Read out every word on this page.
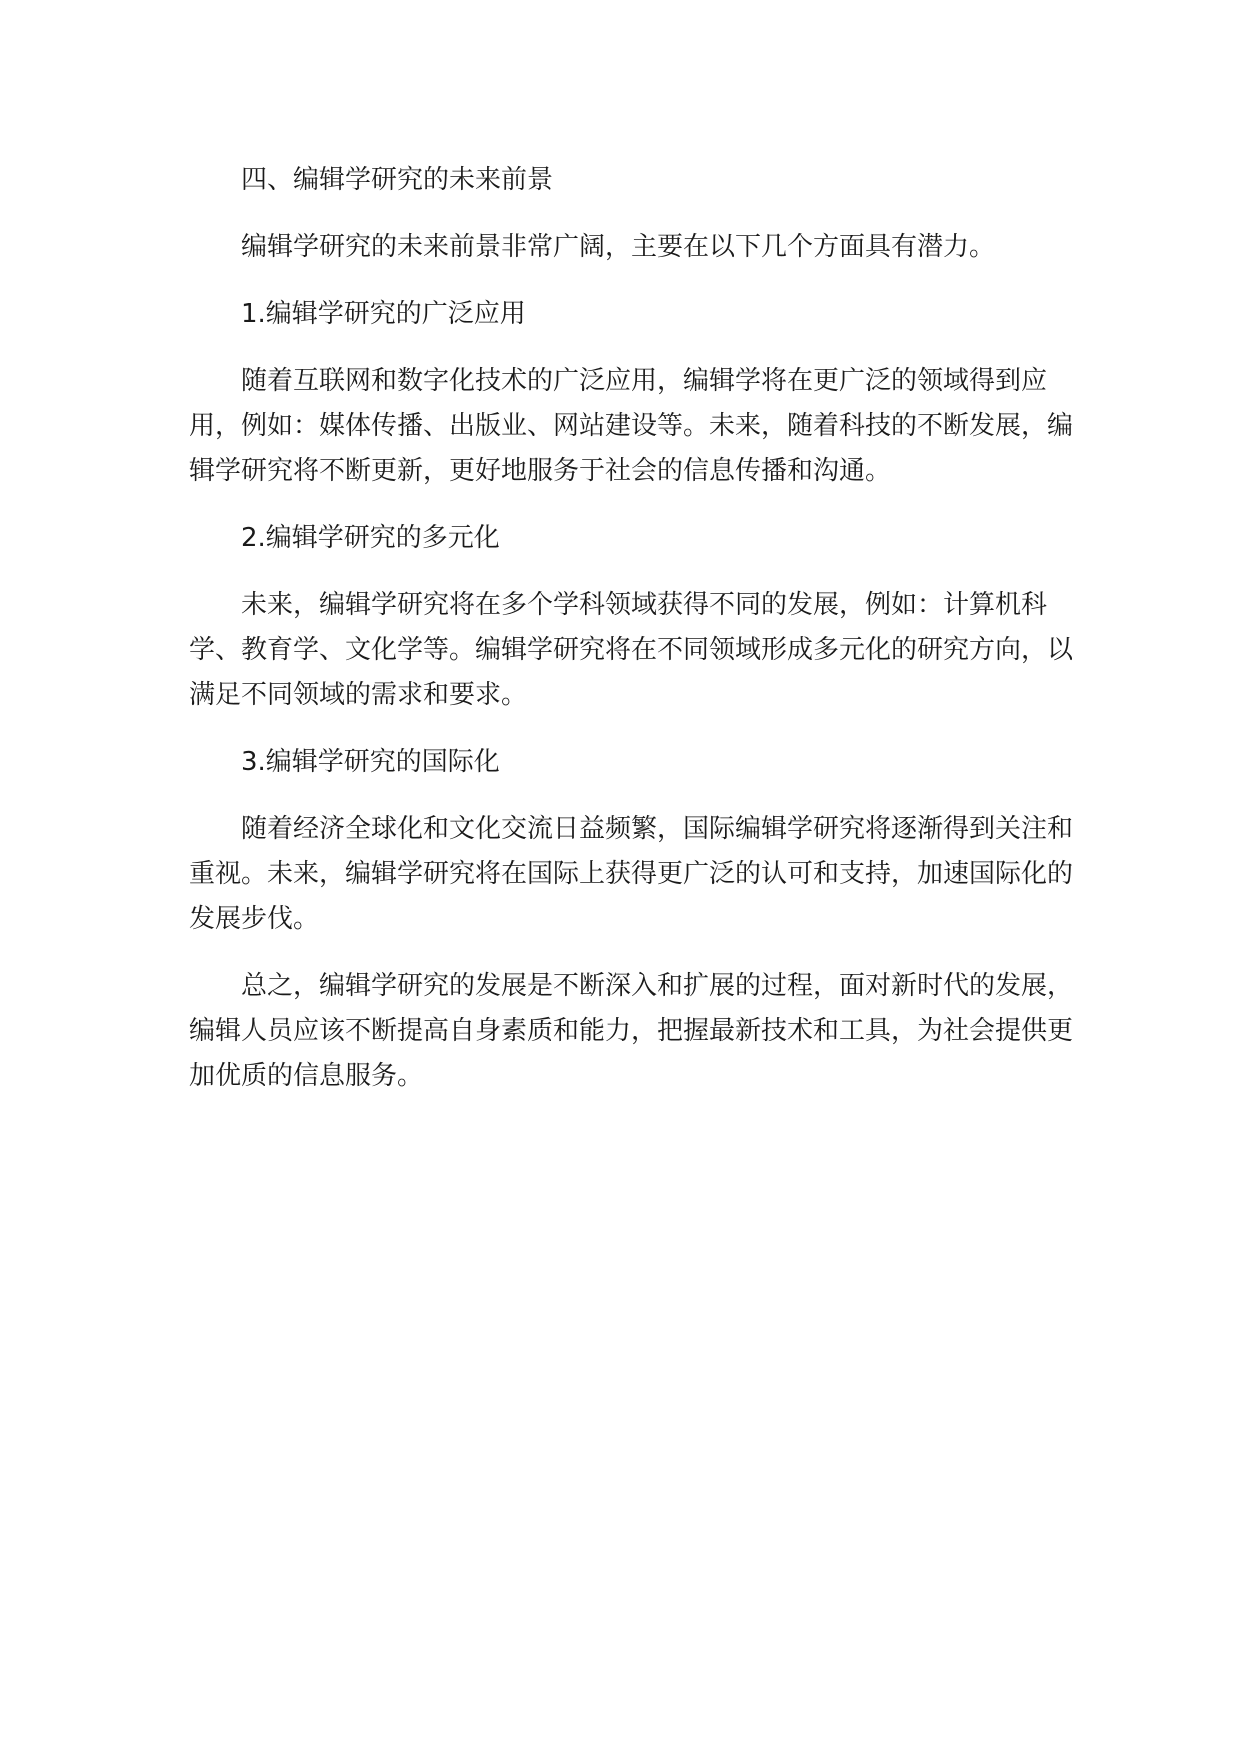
四、编辑学研究的未来前景

编辑学研究的未来前景非常广阔，主要在以下几个方面具有潜力。

1.编辑学研究的广泛应用

随着互联网和数字化技术的广泛应用，编辑学将在更广泛的领域得到应用，例如：媒体传播、出版业、网站建设等。未来，随着科技的不断发展，编辑学研究将不断更新，更好地服务于社会的信息传播和沟通。

2.编辑学研究的多元化

未来，编辑学研究将在多个学科领域获得不同的发展，例如：计算机科学、教育学、文化学等。编辑学研究将在不同领域形成多元化的研究方向，以满足不同领域的需求和要求。

3.编辑学研究的国际化

随着经济全球化和文化交流日益频繁，国际编辑学研究将逐渐得到关注和重视。未来，编辑学研究将在国际上获得更广泛的认可和支持，加速国际化的发展步伐。

总之，编辑学研究的发展是不断深入和扩展的过程，面对新时代的发展，编辑人员应该不断提高自身素质和能力，把握最新技术和工具，为社会提供更加优质的信息服务。
